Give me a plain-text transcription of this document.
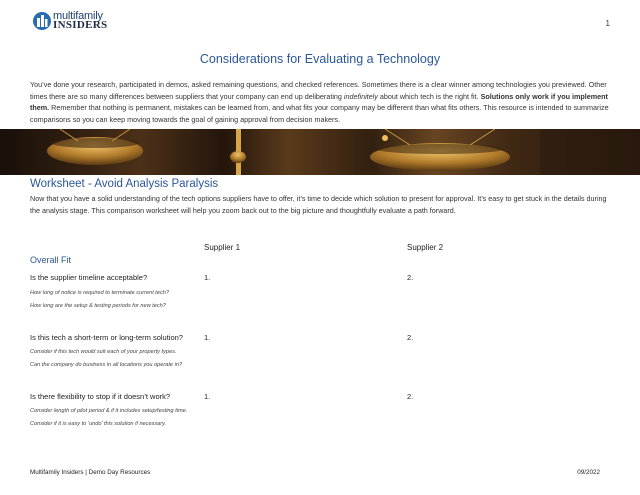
multifamily
INSIDERS	1
Considerations for Evaluating a Technology
You’ve done your research, participated in demos, asked remaining questions, and checked references. Sometimes there is a clear winner among technologies you previewed. Other times there are so many differences between suppliers that your company can end up deliberating indefinitely about which tech is the right fit. Solutions only work if you implement them. Remember that nothing is permanent, mistakes can be learned from, and what fits your company may be different than what fits others. This resource is intended to summarize comparisons so you can keep moving towards the goal of gaining approval from decision makers.
Worksheet - Avoid Analysis Paralysis
Now that you have a solid understanding of the tech options suppliers have to offer, it’s time to decide which solution to present for approval. It’s easy to get stuck in the details during the analysis stage. This comparison worksheet will help you zoom back out to the big picture and thoughtfully evaluate a path forward.
Supplier 1	Supplier 2
Overall Fit
Is the supplier timeline acceptable?	1.	2.
How long of notice is required to terminate current tech?
How long are the setup & testing periods for new tech?
Is this tech a short-term or long-term solution?	1.	2.
Consider if this tech would suit each of your property types.
Can the company do business in all locations you operate in?
Is there flexibility to stop if it doesn’t work?	1.	2.
Consider length of pilot period & if it includes setup/testing time.
Consider if it is easy to ‘undo’ this solution if necessary.
Multifamily Insiders | Demo Day Resources	09/2022
